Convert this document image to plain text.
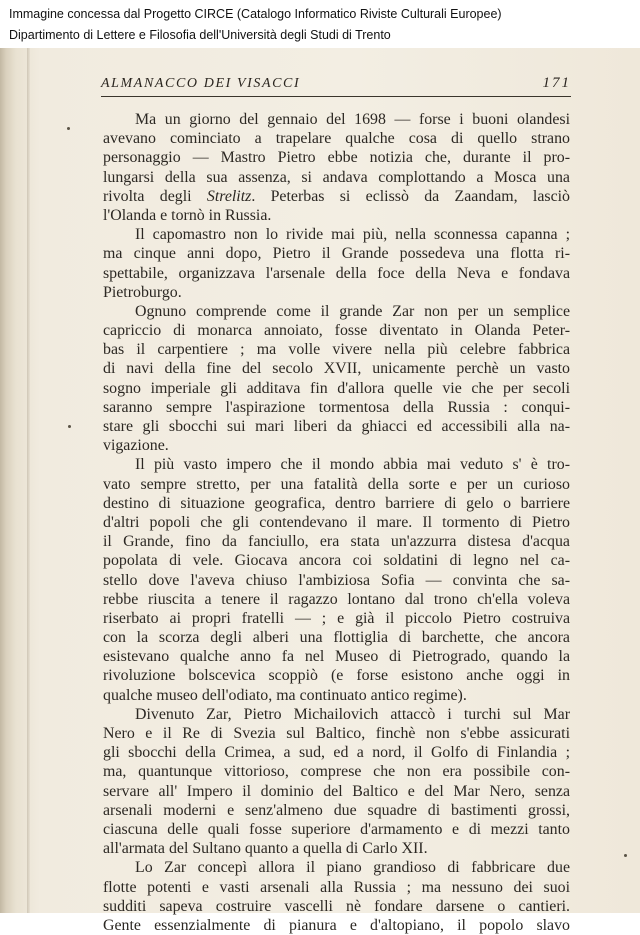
Immagine concessa dal Progetto CIRCE (Catalogo Informatico Riviste Culturali Europee)
Dipartimento di Lettere e Filosofia dell'Università degli Studi di Trento
ALMANACCO DEI VISACCI	171
Ma un giorno del gennaio del 1698 — forse i buoni olandesi
avevano cominciato a trapelare qualche cosa di quello strano
personaggio — Mastro Pietro ebbe notizia che, durante il pro-
lungarsi della sua assenza, si andava complottando a Mosca una
rivolta degli Strelitz. Peterbas si eclissò da Zaandam, lasciò
l'Olanda e tornò in Russia.
Il capomastro non lo rivide mai più, nella sconnessa capanna ;
ma cinque anni dopo, Pietro il Grande possedeva una flotta ri-
spettabile, organizzava l'arsenale della foce della Neva e fondava
Pietroburgo.
Ognuno comprende come il grande Zar non per un semplice
capriccio di monarca annoiato, fosse diventato in Olanda Peter-
bas il carpentiere ; ma volle vivere nella più celebre fabbrica
di navi della fine del secolo XVII, unicamente perchè un vasto
sogno imperiale gli additava fin d'allora quelle vie che per secoli
saranno sempre l'aspirazione tormentosa della Russia : conqui-
stare gli sbocchi sui mari liberi da ghiacci ed accessibili alla na-
vigazione.
Il più vasto impero che il mondo abbia mai veduto s' è tro-
vato sempre stretto, per una fatalità della sorte e per un curioso
destino di situazione geografica, dentro barriere di gelo o barriere
d'altri popoli che gli contendevano il mare. Il tormento di Pietro
il Grande, fino da fanciullo, era stata un'azzurra distesa d'acqua
popolata di vele. Giocava ancora coi soldatini di legno nel ca-
stello dove l'aveva chiuso l'ambiziosa Sofia — convinta che sa-
rebbe riuscita a tenere il ragazzo lontano dal trono ch'ella voleva
riserbato ai propri fratelli — ; e già il piccolo Pietro costruiva
con la scorza degli alberi una flottiglia di barchette, che ancora
esistevano qualche anno fa nel Museo di Pietrogrado, quando la
rivoluzione bolscevica scoppiò (e forse esistono anche oggi in
qualche museo dell'odiato, ma continuato antico regime).
Divenuto Zar, Pietro Michailovich attaccò i turchi sul Mar
Nero e il Re di Svezia sul Baltico, finchè non s'ebbe assicurati
gli sbocchi della Crimea, a sud, ed a nord, il Golfo di Finlandia ;
ma, quantunque vittorioso, comprese che non era possibile con-
servare all' Impero il dominio del Baltico e del Mar Nero, senza
arsenali moderni e senz'almeno due squadre di bastimenti grossi,
ciascuna delle quali fosse superiore d'armamento e di mezzi tanto
all'armata del Sultano quanto a quella di Carlo XII.
Lo Zar concepì allora il piano grandioso di fabbricare due
flotte potenti e vasti arsenali alla Russia ; ma nessuno dei suoi
sudditi sapeva costruire vascelli nè fondare darsene o cantieri.
Gente essenzialmente di pianura e d'altopiano, il popolo slavo
